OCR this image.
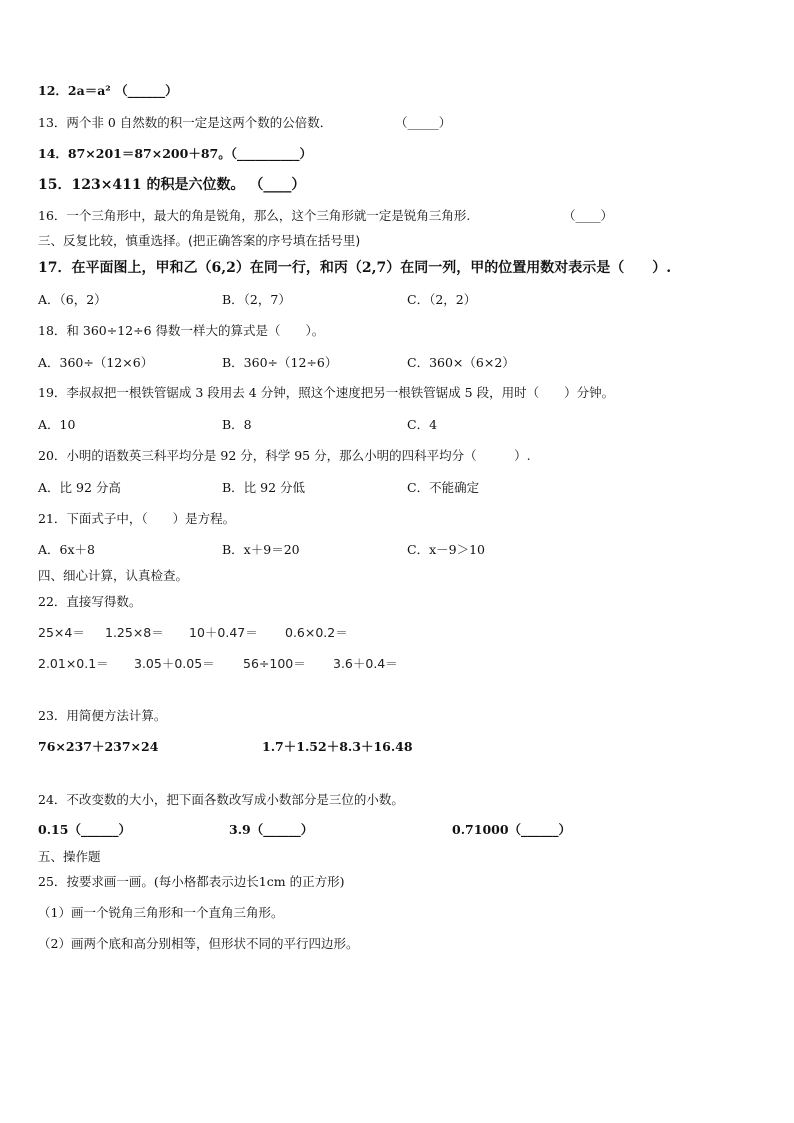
12．2a＝a² （______）
13．两个非 0 自然数的积一定是这两个数的公倍数．	（_____）
14．87×201＝87×200＋87。（__________）
15．123×411 的积是六位数。 （____）
16．一个三角形中，最大的角是锐角，那么，这个三角形就一定是锐角三角形.	（____）
三、反复比较，慎重选择。(把正确答案的序号填在括号里)
17．在平面图上，甲和乙（6,2）在同一行，和丙（2,7）在同一列，甲的位置用数对表示是（　　）.
A．（6，2）	B．（2，7）	C．（2，2）
18．和 360÷12÷6 得数一样大的算式是（　　）。
A．360÷（12×6）	B．360÷（12÷6）	C．360×（6×2）
19．李叔叔把一根铁管锯成 3 段用去 4 分钟，照这个速度把另一根铁管锯成 5 段，用时（　　）分钟。
A．10	B．8	C．4
20．小明的语数英三科平均分是 92 分，科学 95 分，那么小明的四科平均分（　　　）.
A．比 92 分高	B．比 92 分低	C．不能确定
21．下面式子中，（　　）是方程。
A．6x＋8	B．x＋9＝20	C．x－9＞10
四、细心计算，认真检查。
22．直接写得数。
25×4＝ 1.25×8＝ 10＋0.47＝ 0.6×0.2＝
2.01×0.1＝ 3.05＋0.05＝ 56÷100＝ 3.6＋0.4＝
23．用简便方法计算。
76×237＋237×24	1.7＋1.52＋8.3＋16.48
24．不改变数的大小，把下面各数改写成小数部分是三位的小数。
0.15（______）	3.9（______）	0.71000（______）
五、操作题
25．按要求画一画。(每小格都表示边长1cm 的正方形)
（1）画一个锐角三角形和一个直角三角形。
（2）画两个底和高分别相等，但形状不同的平行四边形。
